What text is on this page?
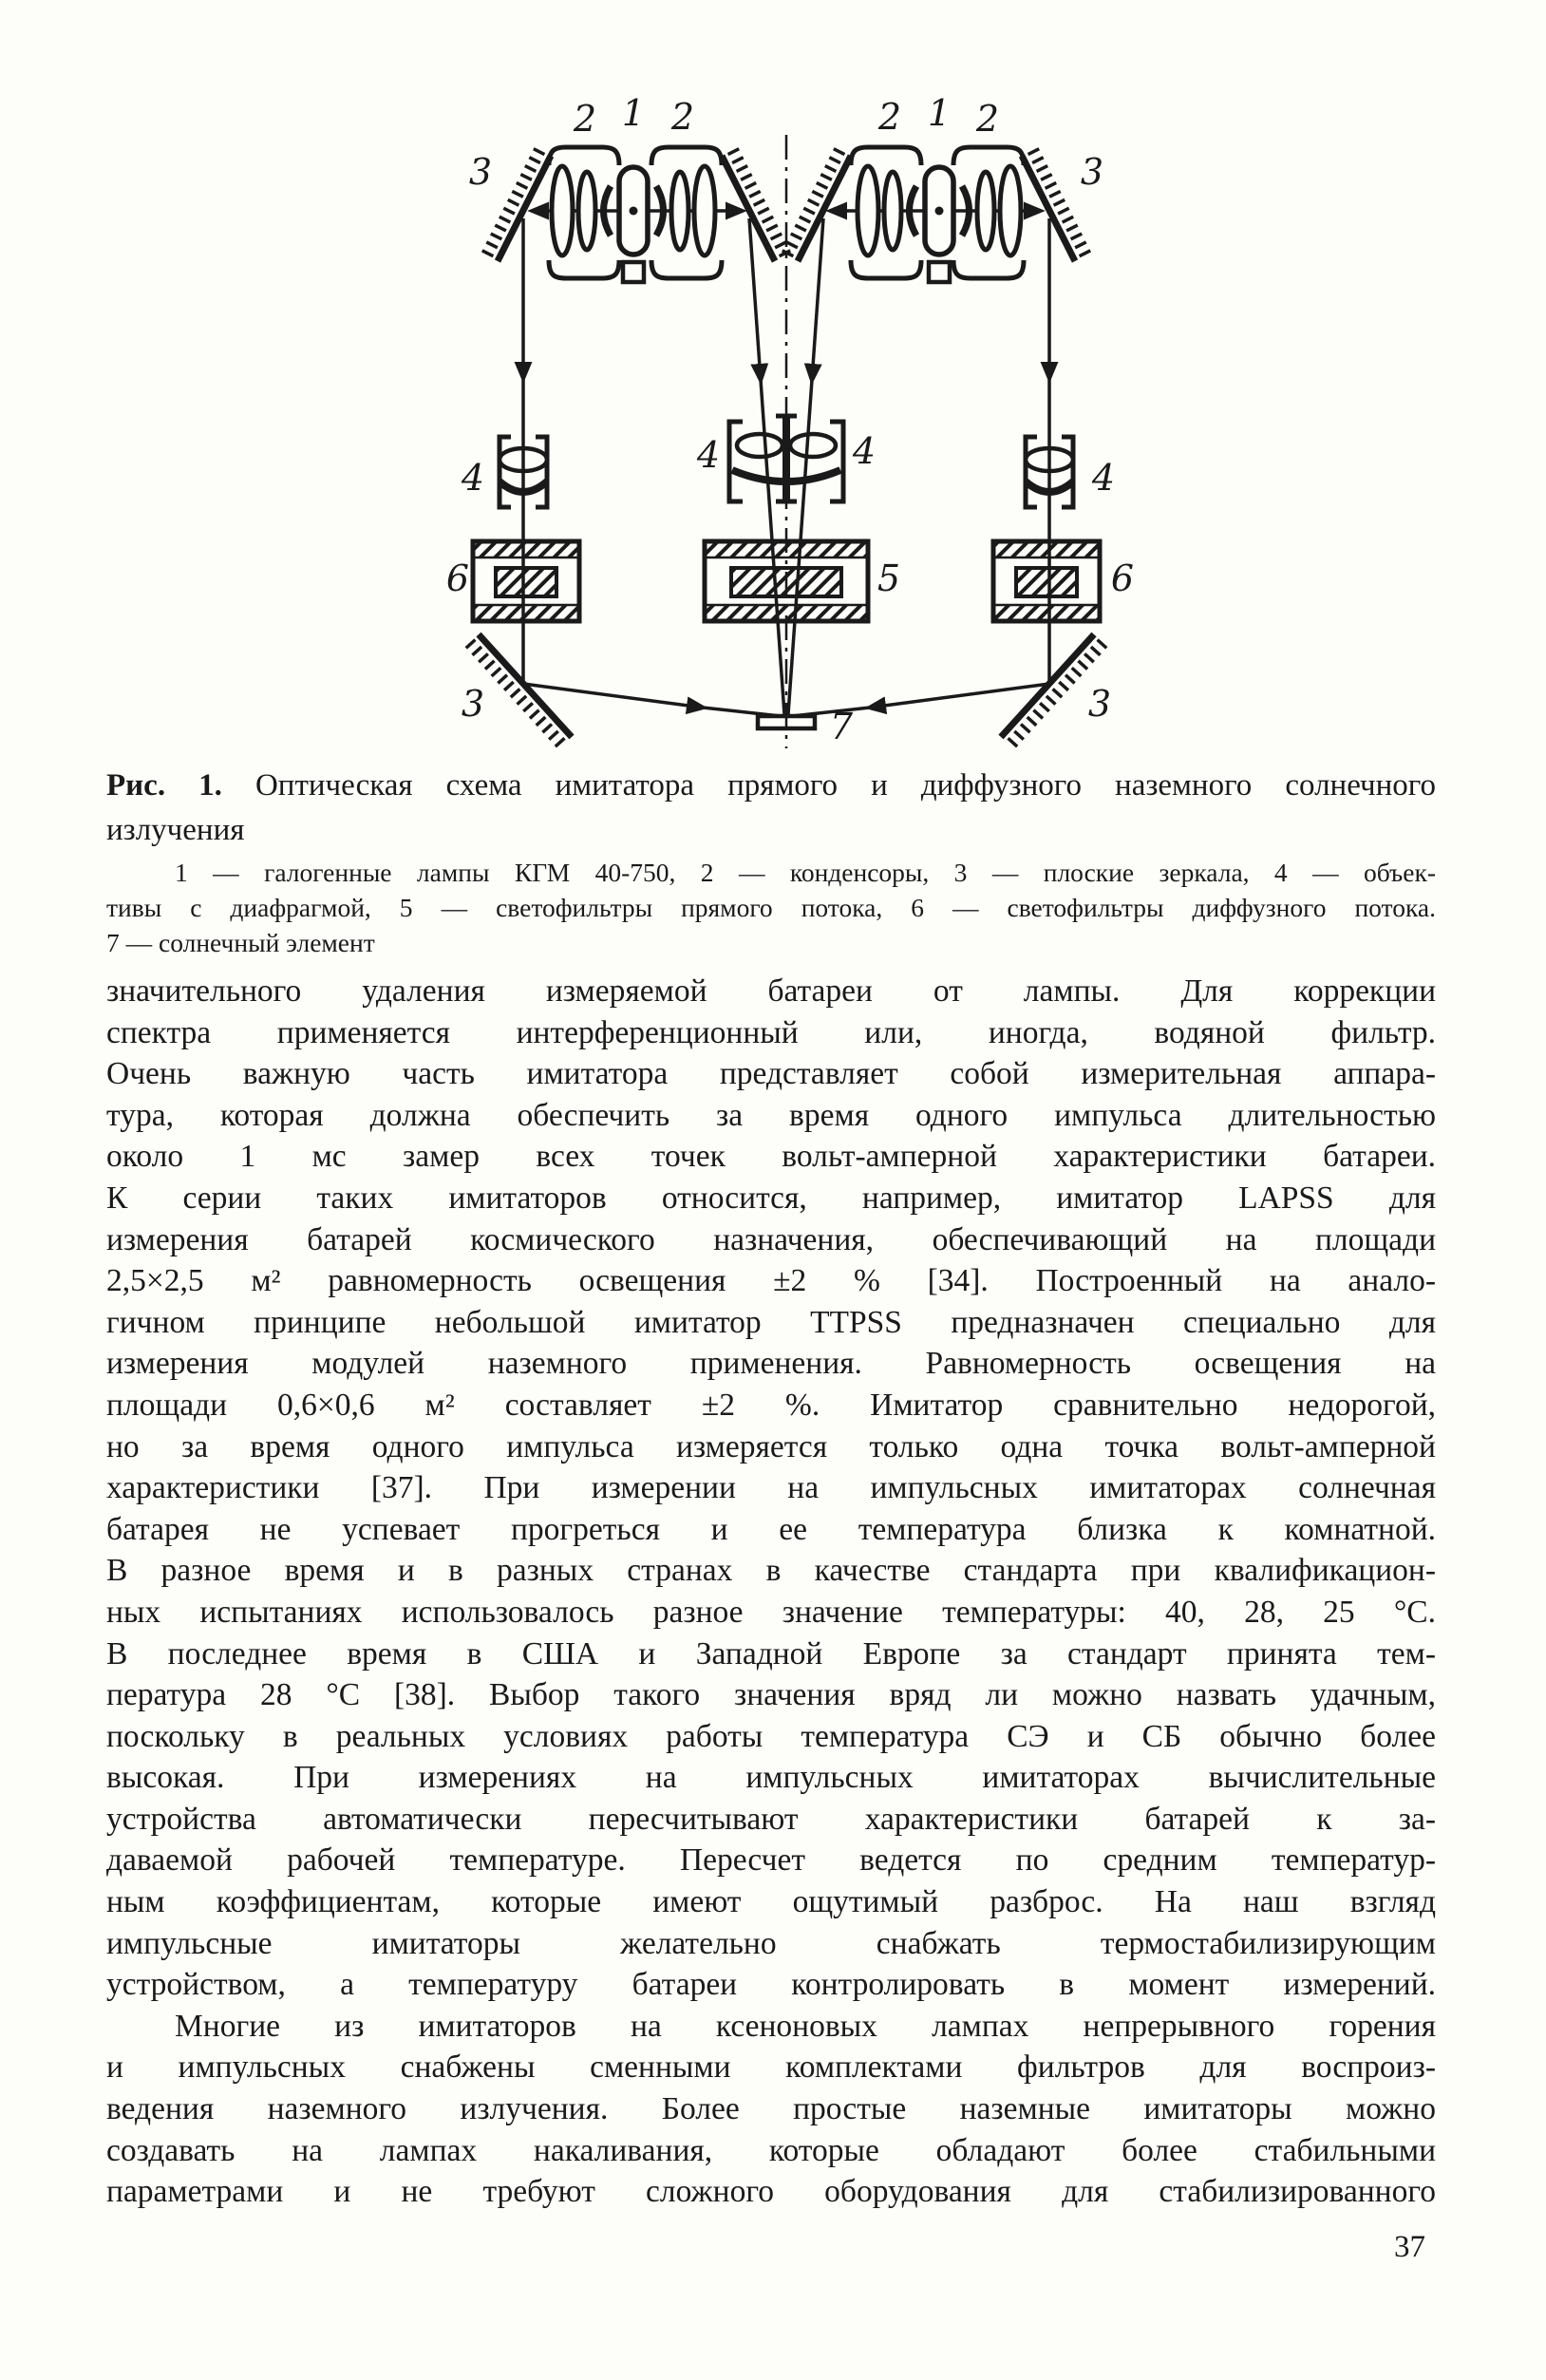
2 1 2
3
2 1 2
3
4
4	4
4
6	5	6
3	3
7
Рис. 1. Оптическая схема имитатора прямого и диффузного наземного солнечного
излучения
1 — галогенные лампы КГМ 40-750, 2 — конденсоры, 3 — плоские зеркала, 4 — объек-
тивы с диафрагмой, 5 — светофильтры прямого потока, 6 — светофильтры диффузного потока.
7 — солнечный элемент
значительного удаления измеряемой батареи от лампы. Для коррекции
спектра применяется интерференционный или, иногда, водяной фильтр.
Очень важную часть имитатора представляет собой измерительная аппара-
тура, которая должна обеспечить за время одного импульса длительностью
около 1 мс замер всех точек вольт-амперной характеристики батареи.
К серии таких имитаторов относится, например, имитатор LAPSS для
измерения батарей космического назначения, обеспечивающий на площади
2,5×2,5 м² равномерность освещения ±2 % [34]. Построенный на анало-
гичном принципе небольшой имитатор TTPSS предназначен специально для
измерения модулей наземного применения. Равномерность освещения на
площади 0,6×0,6 м² составляет ±2 %. Имитатор сравнительно недорогой,
но за время одного импульса измеряется только одна точка вольт-амперной
характеристики [37]. При измерении на импульсных имитаторах солнечная
батарея не успевает прогреться и ее температура близка к комнатной.
В разное время и в разных странах в качестве стандарта при квалификацион-
ных испытаниях использовалось разное значение температуры: 40, 28, 25 °С.
В последнее время в США и Западной Европе за стандарт принята тем-
пература 28 °С [38]. Выбор такого значения вряд ли можно назвать удачным,
поскольку в реальных условиях работы температура СЭ и СБ обычно более
высокая. При измерениях на импульсных имитаторах вычислительные
устройства автоматически пересчитывают характеристики батарей к за-
даваемой рабочей температуре. Пересчет ведется по средним температур-
ным коэффициентам, которые имеют ощутимый разброс. На наш взгляд
импульсные имитаторы желательно снабжать термостабилизирующим
устройством, а температуру батареи контролировать в момент измерений.
Многие из имитаторов на ксеноновых лампах непрерывного горения
и импульсных снабжены сменными комплектами фильтров для воспроиз-
ведения наземного излучения. Более простые наземные имитаторы можно
создавать на лампах накаливания, которые обладают более стабильными
параметрами и не требуют сложного оборудования для стабилизированного
37
